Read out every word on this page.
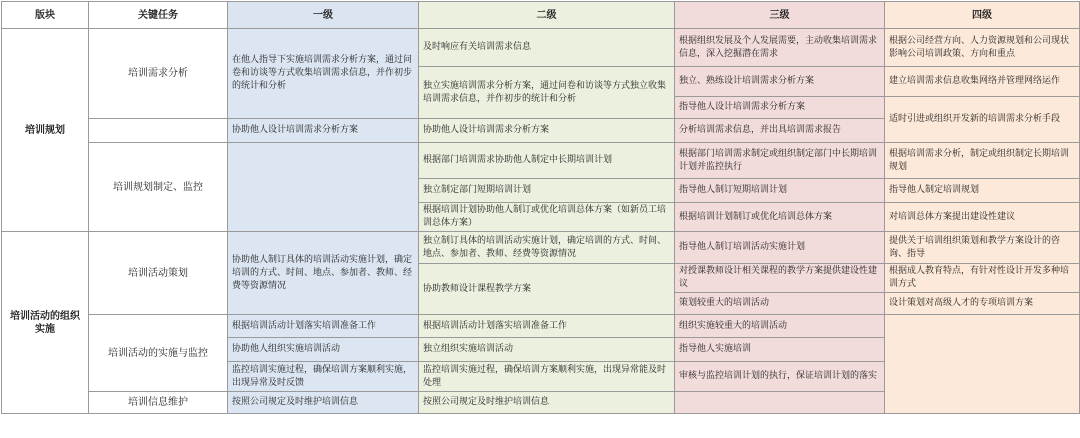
版块	关键任务	一级	二级	三级	四级
培训规划	培训需求分析	在他人指导下实施培训需求分析方案，通过问卷和访谈等方式收集培训需求信息，并作初步的统计和分析	及时响应有关培训需求信息	根据组织发展及个人发展需要，主动收集培训需求信息，深入挖掘潜在需求	根据公司经营方向、人力资源规划和公司现状影响公司培训政策、方向和重点
			独立实施培训需求分析方案，通过问卷和访谈等方式独立收集培训需求信息，并作初步的统计和分析	独立、熟练设计培训需求分析方案	建立培训需求信息收集网络并管理网络运作
				指导他人设计培训需求分析方案	适时引进或组织开发新的培训需求分析手段
		协助他人设计培训需求分析方案	协助他人设计培训需求分析方案	分析培训需求信息，并出具培训需求报告	
	培训规划制定、监控		根据部门培训需求协助他人制定中长期培训计划	根据部门培训需求制定或组织制定部门中长期培训计划并监控执行	根据培训需求分析，制定或组织制定长期培训规划
			独立制定部门短期培训计划	指导他人制订短期培训计划	指导他人制定培训规划
			根据培训计划协助他人制订或优化培训总体方案（如新员工培训总体方案）	根据培训计划制订或优化培训总体方案	对培训总体方案提出建设性建议
培训活动的组织实施	培训活动策划	协助他人制订具体的培训活动实施计划，确定培训的方式、时间、地点、参加者、教师、经费等资源情况	独立制订具体的培训活动实施计划，确定培训的方式、时间、地点、参加者、教师、经费等资源情况	指导他人制订培训活动实施计划	提供关于培训组织策划和教学方案设计的咨询、指导
			协助教师设计课程教学方案	对授课教师设计相关课程的教学方案提供建设性建议	根据成人教育特点，有针对性设计开发多种培训方式
				策划较重大的培训活动	设计策划对高级人才的专项培训方案
	培训活动的实施与监控	根据培训活动计划落实培训准备工作	根据培训活动计划落实培训准备工作	组织实施较重大的培训活动	
		协助他人组织实施培训活动	独立组织实施培训活动	指导他人实施培训	
		监控培训实施过程，确保培训方案顺利实施，出现异常及时反馈	监控培训实施过程，确保培训方案顺利实施，出现异常能及时处理	审核与监控培训计划的执行，保证培训计划的落实	
	培训信息维护	按照公司规定及时维护培训信息	按照公司规定及时维护培训信息		
